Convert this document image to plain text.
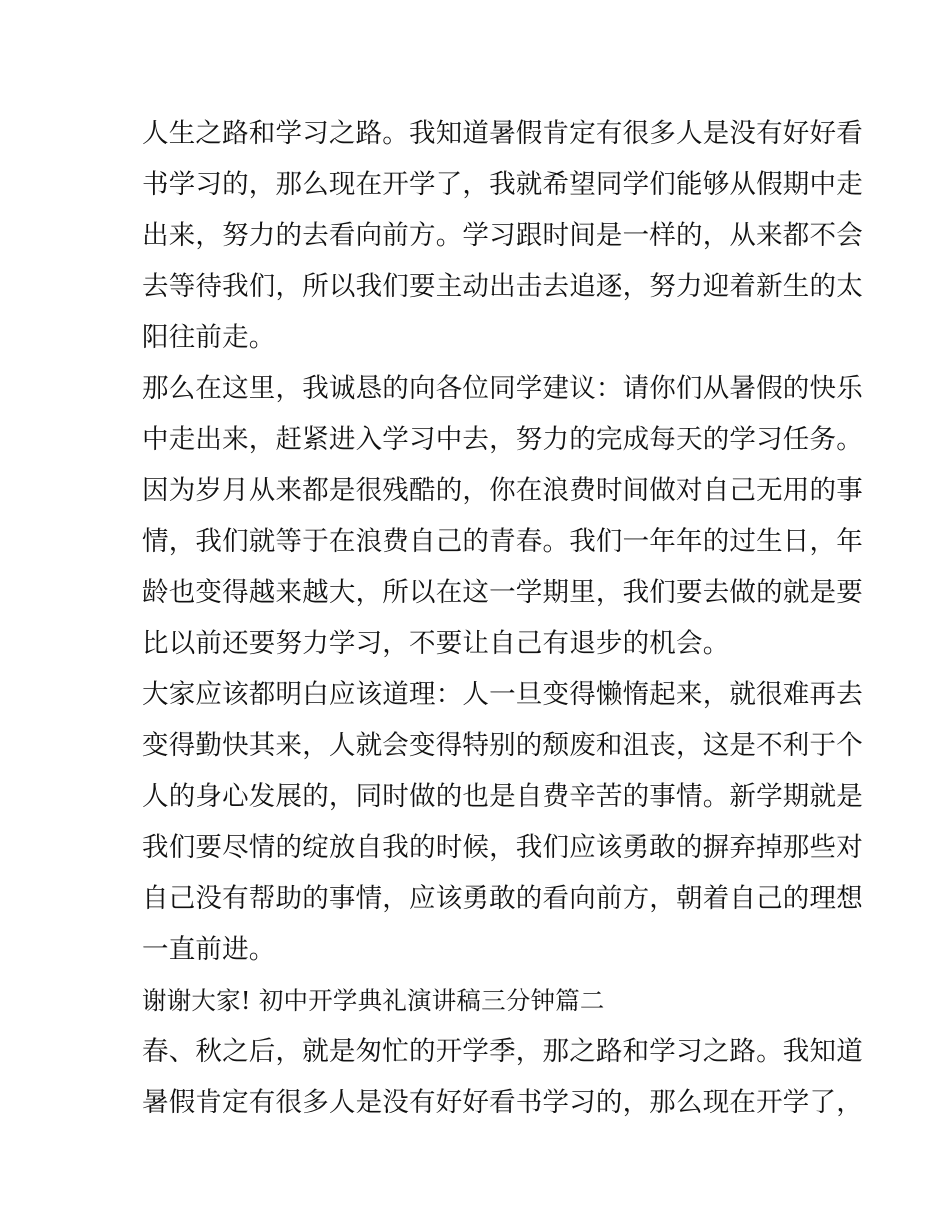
人生之路和学习之路。我知道暑假肯定有很多人是没有好好看
书学习的，那么现在开学了，我就希望同学们能够从假期中走
出来，努力的去看向前方。学习跟时间是一样的，从来都不会
去等待我们，所以我们要主动出击去追逐，努力迎着新生的太
阳往前走。
那么在这里，我诚恳的向各位同学建议：请你们从暑假的快乐
中走出来，赶紧进入学习中去，努力的完成每天的学习任务。
因为岁月从来都是很残酷的，你在浪费时间做对自己无用的事
情，我们就等于在浪费自己的青春。我们一年年的过生日，年
龄也变得越来越大，所以在这一学期里，我们要去做的就是要
比以前还要努力学习，不要让自己有退步的机会。
大家应该都明白应该道理：人一旦变得懒惰起来，就很难再去
变得勤快其来，人就会变得特别的颓废和沮丧，这是不利于个
人的身心发展的，同时做的也是自费辛苦的事情。新学期就是
我们要尽情的绽放自我的时候，我们应该勇敢的摒弃掉那些对
自己没有帮助的事情，应该勇敢的看向前方，朝着自己的理想
一直前进。
谢谢大家! 初中开学典礼演讲稿三分钟篇二
春、秋之后，就是匆忙的开学季，那之路和学习之路。我知道
暑假肯定有很多人是没有好好看书学习的，那么现在开学了，
